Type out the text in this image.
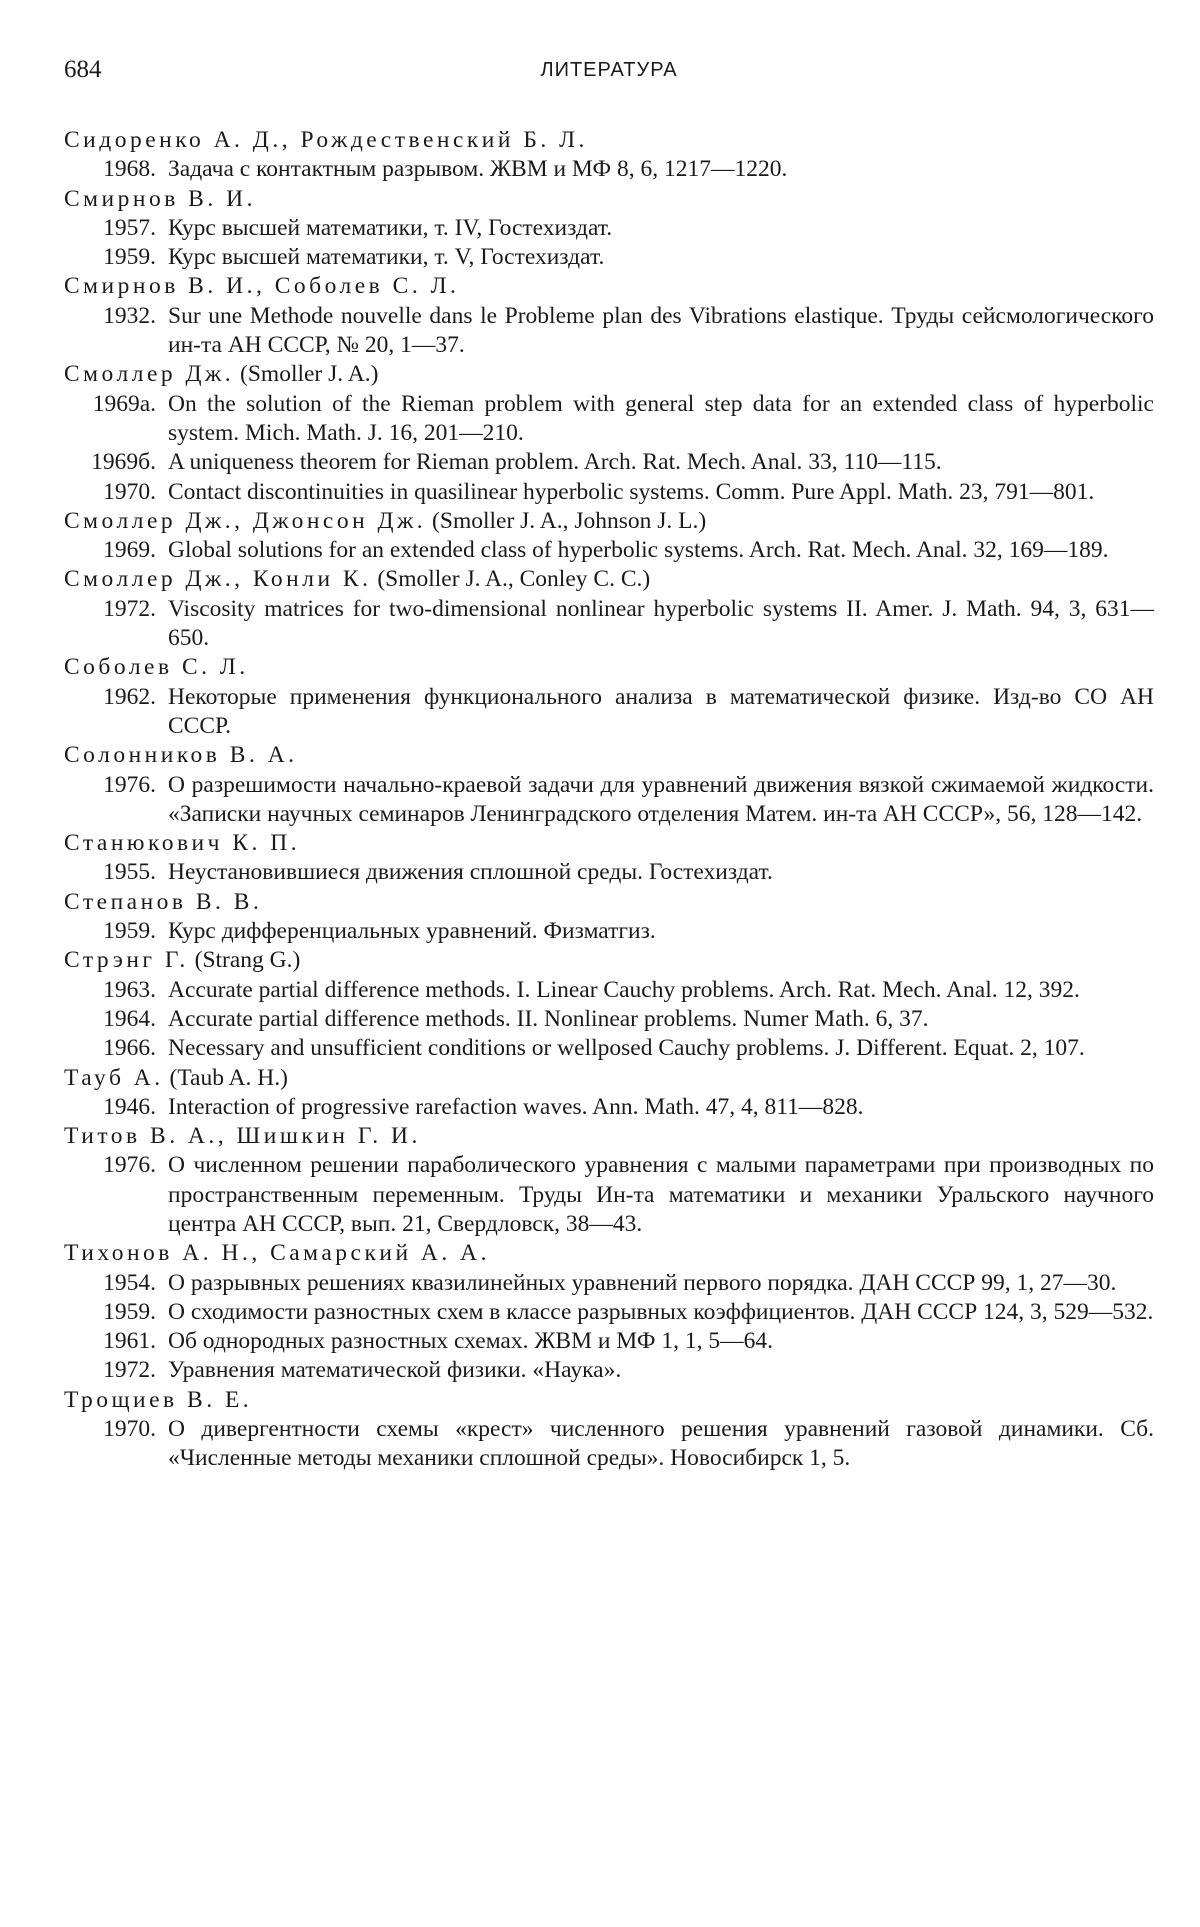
684	ЛИТЕРАТУРА
Сидоренко А. Д., Рождественский Б. Л.
1968. Задача с контактным разрывом. ЖВМ и МФ 8, 6, 1217—1220.
Смирнов В. И.
1957. Курс высшей математики, т. IV, Гостехиздат.
1959. Курс высшей математики, т. V, Гостехиздат.
Смирнов В. И., Соболев С. Л.
1932. Sur une Methode nouvelle dans le Probleme plan des Vibrations elastique. Труды сейсмологического ин-та АН СССР, № 20, 1—37.
Смоллер Дж. (Smoller J. A.)
1969а. On the solution of the Rieman problem with general step data for an extended class of hyperbolic system. Mich. Math. J. 16, 201—210.
1969б. A uniqueness theorem for Rieman problem. Arch. Rat. Mech. Anal. 33, 110—115.
1970. Contact discontinuities in quasilinear hyperbolic systems. Comm. Pure Appl. Math. 23, 791—801.
Смоллер Дж., Джонсон Дж. (Smoller J. A., Johnson J. L.)
1969. Global solutions for an extended class of hyperbolic systems. Arch. Rat. Mech. Anal. 32, 169—189.
Смоллер Дж., Конли К. (Smoller J. A., Conley C. C.)
1972. Viscosity matrices for two-dimensional nonlinear hyperbolic systems II. Amer. J. Math. 94, 3, 631—650.
Соболев С. Л.
1962. Некоторые применения функционального анализа в математической физике. Изд-во СО АН СССР.
Солонников В. А.
1976. О разрешимости начально-краевой задачи для уравнений движения вязкой сжимаемой жидкости. «Записки научных семинаров Ленинградского отделения Матем. ин-та АН СССР», 56, 128—142.
Станюкович К. П.
1955. Неустановившиеся движения сплошной среды. Гостехиздат.
Степанов В. В.
1959. Курс дифференциальных уравнений. Физматгиз.
Стрэнг Г. (Strang G.)
1963. Accurate partial difference methods. I. Linear Cauchy problems. Arch. Rat. Mech. Anal. 12, 392.
1964. Accurate partial difference methods. II. Nonlinear problems. Numer Math. 6, 37.
1966. Necessary and unsufficient conditions or wellposed Cauchy problems. J. Different. Equat. 2, 107.
Тауб А. (Taub A. H.)
1946. Interaction of progressive rarefaction waves. Ann. Math. 47, 4, 811—828.
Титов В. А., Шишкин Г. И.
1976. О численном решении параболического уравнения с малыми параметрами при производных по пространственным переменным. Труды Ин-та математики и механики Уральского научного центра АН СССР, вып. 21, Свердловск, 38—43.
Тихонов А. Н., Самарский А. А.
1954. О разрывных решениях квазилинейных уравнений первого порядка. ДАН СССР 99, 1, 27—30.
1959. О сходимости разностных схем в классе разрывных коэффициентов. ДАН СССР 124, 3, 529—532.
1961. Об однородных разностных схемах. ЖВМ и МФ 1, 1, 5—64.
1972. Уравнения математической физики. «Наука».
Трощиев В. Е.
1970. О дивергентности схемы «крест» численного решения уравнений газовой динамики. Сб. «Численные методы механики сплошной среды». Новосибирск 1, 5.
